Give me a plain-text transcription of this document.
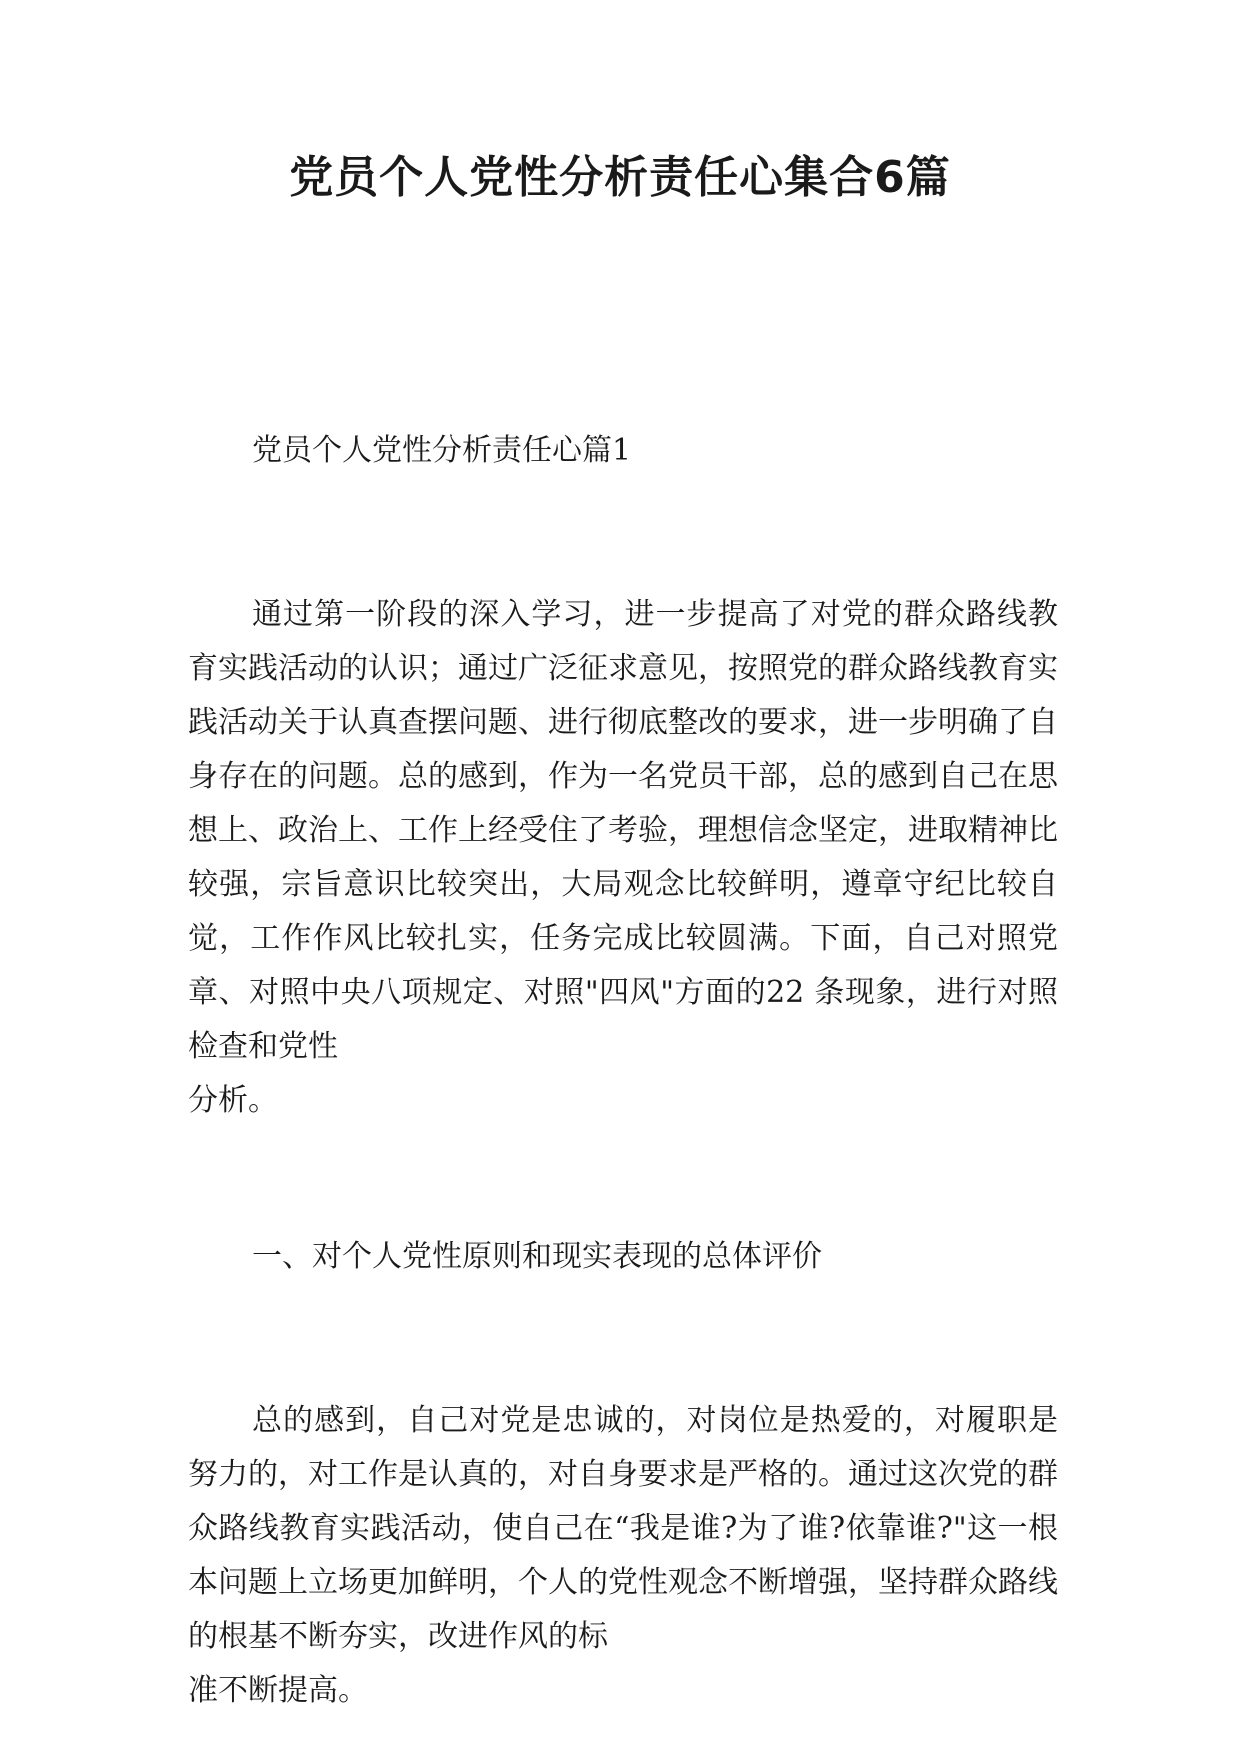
党员个人党性分析责任心集合6篇

党员个人党性分析责任心篇1

通过第一阶段的深入学习，进一步提高了对党的群众路线教育实践活动的认识；通过广泛征求意见，按照党的群众路线教育实践活动关于认真查摆问题、进行彻底整改的要求，进一步明确了自身存在的问题。总的感到，作为一名党员干部，总的感到自己在思想上、政治上、工作上经受住了考验，理想信念坚定，进取精神比较强，宗旨意识比较突出，大局观念比较鲜明，遵章守纪比较自觉，工作作风比较扎实，任务完成比较圆满。下面，自己对照党章、对照中央八项规定、对照"四风"方面的22 条现象，进行对照检查和党性

分析。

一、对个人党性原则和现实表现的总体评价

总的感到，自己对党是忠诚的，对岗位是热爱的，对履职是努力的，对工作是认真的，对自身要求是严格的。通过这次党的群众路线教育实践活动，使自己在“我是谁?为了谁?依靠谁?"这一根本问题上立场更加鲜明，个人的党性观念不断增强，坚持群众路线的根基不断夯实，改进作风的标

准不断提高。
